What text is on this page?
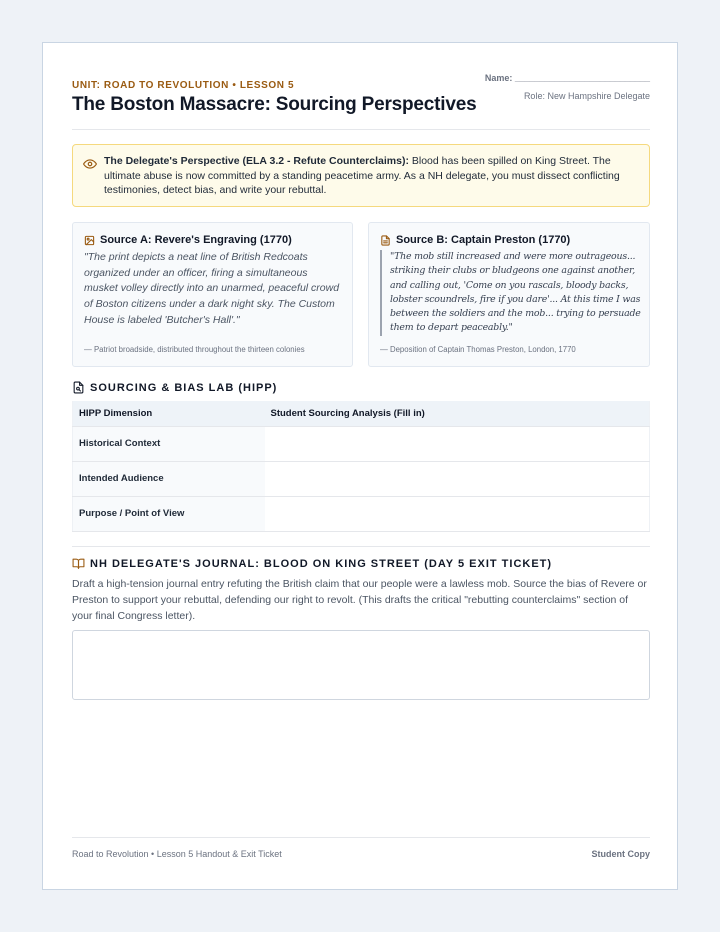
UNIT: ROAD TO REVOLUTION • LESSON 5
The Boston Massacre: Sourcing Perspectives
Name: ___________________________
Role: New Hampshire Delegate
The Delegate's Perspective (ELA 3.2 - Refute Counterclaims): Blood has been spilled on King Street. The ultimate abuse is now committed by a standing peacetime army. As a NH delegate, you must dissect conflicting testimonies, detect bias, and write your rebuttal.
Source A: Revere's Engraving (1770)
"The print depicts a neat line of British Redcoats organized under an officer, firing a simultaneous musket volley directly into an unarmed, peaceful crowd of Boston citizens under a dark night sky. The Custom House is labeled 'Butcher's Hall'."
— Patriot broadside, distributed throughout the thirteen colonies
Source B: Captain Preston (1770)
"The mob still increased and were more outrageous... striking their clubs or bludgeons one against another, and calling out, 'Come on you rascals, bloody backs, lobster scoundrels, fire if you dare'... At this time I was between the soldiers and the mob... trying to persuade them to depart peaceably."
— Deposition of Captain Thomas Preston, London, 1770
SOURCING & BIAS LAB (HIPP)
HIPP Dimension	Student Sourcing Analysis (Fill in)
Historical Context	
Intended Audience	
Purpose / Point of View	
NH DELEGATE'S JOURNAL: BLOOD ON KING STREET (DAY 5 EXIT TICKET)
Draft a high-tension journal entry refuting the British claim that our people were a lawless mob. Source the bias of Revere or Preston to support your rebuttal, defending our right to revolt. (This drafts the critical "rebutting counterclaims" section of your final Congress letter).
Road to Revolution • Lesson 5 Handout & Exit Ticket	Student Copy
